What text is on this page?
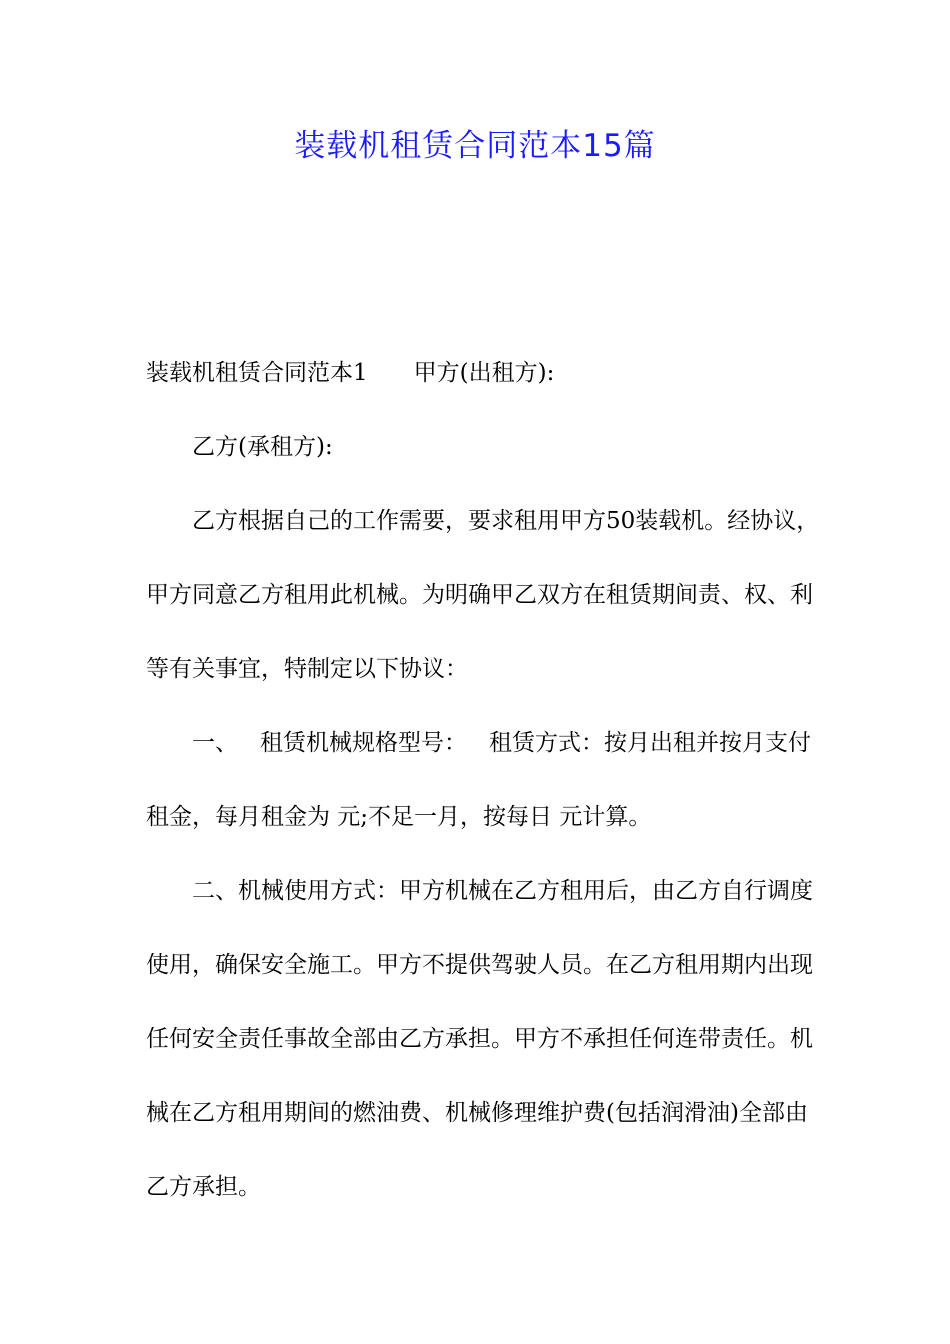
装载机租赁合同范本15篇

装载机租赁合同范本1 甲方(出租方):

乙方(承租方):

乙方根据自己的工作需要，要求租用甲方50装载机。经协议，甲方同意乙方租用此机械。为明确甲乙双方在租赁期间责、权、利等有关事宜，特制定以下协议：

一、 租赁机械规格型号： 租赁方式：按月出租并按月支付租金，每月租金为 元;不足一月，按每日 元计算。

二、机械使用方式：甲方机械在乙方租用后，由乙方自行调度使用，确保安全施工。甲方不提供驾驶人员。在乙方租用期内出现任何安全责任事故全部由乙方承担。甲方不承担任何连带责任。机械在乙方租用期间的燃油费、机械修理维护费(包括润滑油)全部由乙方承担。
